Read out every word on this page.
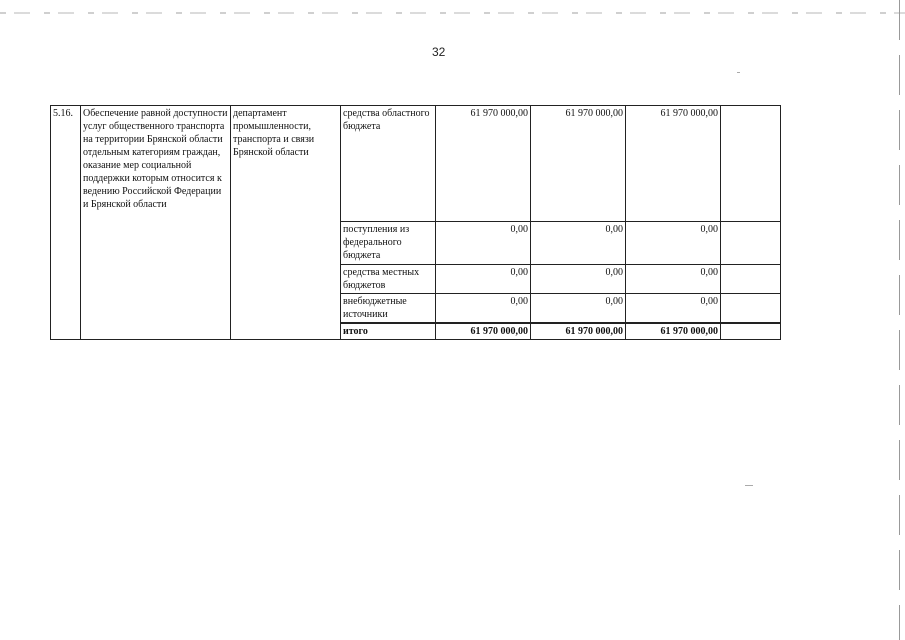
32
5.16.	Обеспечение равной доступности услуг общественного транспорта на территории Брянской области отдельным категориям граждан, оказание мер социальной поддержки которым относится к ведению Российской Федерации и Брянской области	департамент промышленности, транспорта и связи Брянской области	средства областного бюджета	61 970 000,00	61 970 000,00	61 970 000,00	
			поступления из федерального бюджета	0,00	0,00	0,00	
			средства местных бюджетов	0,00	0,00	0,00	
			внебюджетные источники	0,00	0,00	0,00	
			итого	61 970 000,00	61 970 000,00	61 970 000,00	
